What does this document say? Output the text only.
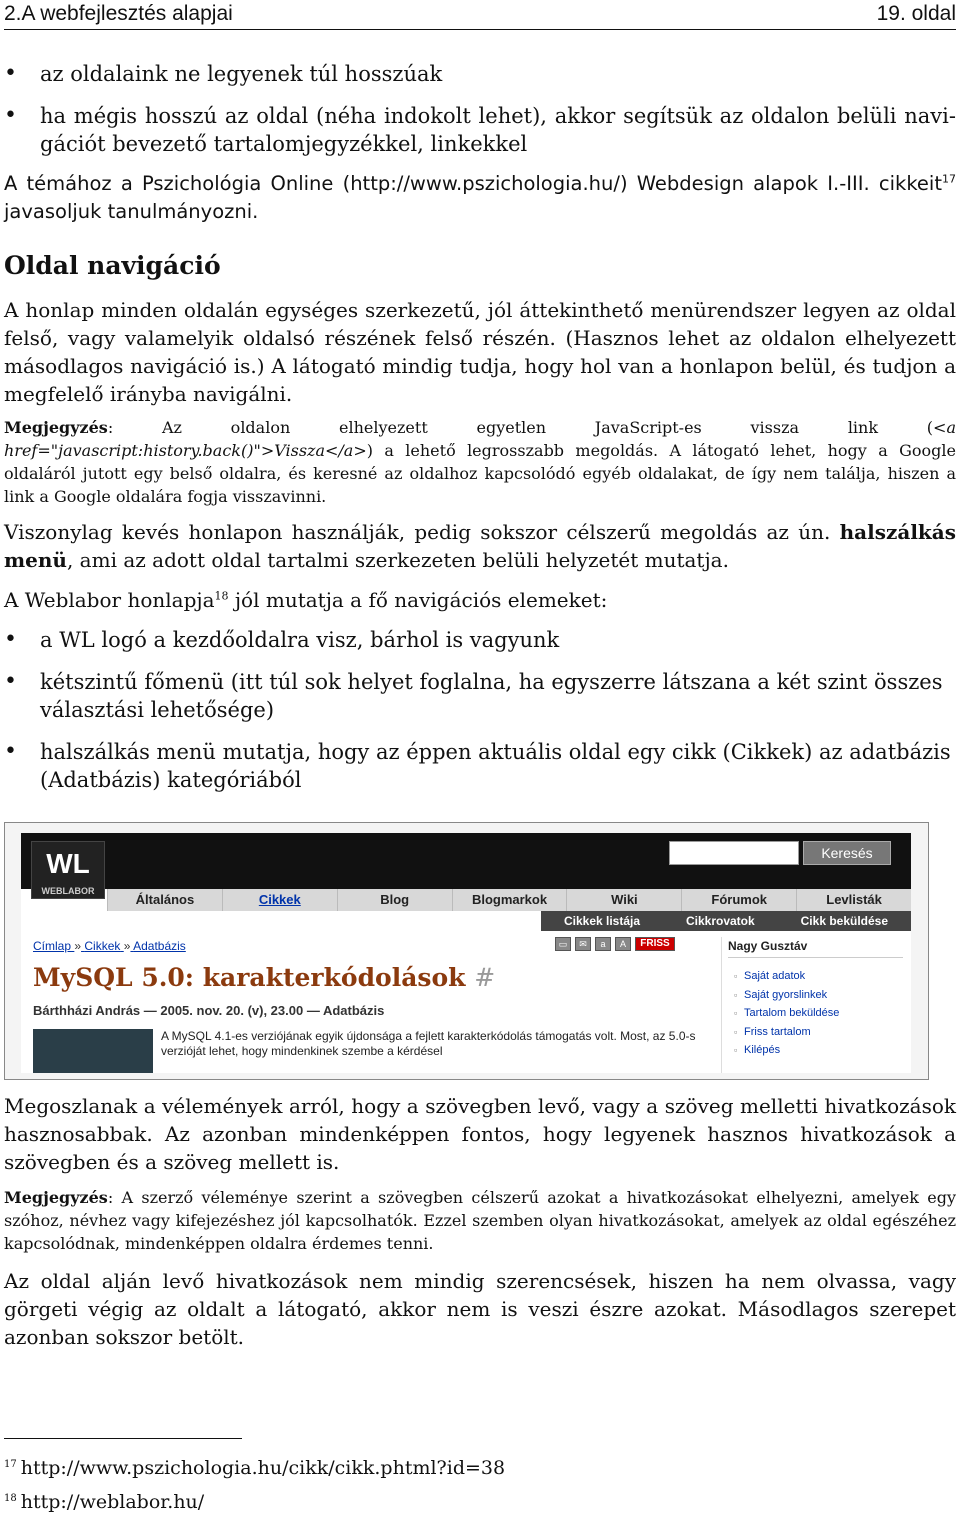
2.A webfejlesztés alapjai	19. oldal
• az oldalaink ne legyenek túl hosszúak
• ha mégis hosszú az oldal (néha indokolt lehet), akkor segítsük az oldalon belüli navigációt bevezető tartalomjegyzékkel, linkekkel

A témához a Pszichológia Online (http://www.pszichologia.hu/) Webdesign alapok I.-III. cikkeit$^{17}$ javasoljuk tanulmányozni.

Oldal navigáció

A honlap minden oldalán egységes szerkezetű, jól áttekinthető menürendszer legyen az oldal felső, vagy valamelyik oldalsó részének felső részén. (Hasznos lehet az oldalon elhelyezett másodlagos navigáció is.) A látogató mindig tudja, hogy hol van a honlapon belül, és tudjon a megfelelő irányba navigálni.

Megjegyzés: Az oldalon elhelyezett egyetlen JavaScript-es vissza link (<a href="javascript:history.back()">Vissza</a>) a lehető legrosszabb megoldás. A látogató lehet, hogy a Google oldaláról jutott egy belső oldalra, és keresné az oldalhoz kapcsolódó egyéb oldalakat, de így nem találja, hiszen a link a Google oldalára fogja visszavinni.

Viszonylag kevés honlapon használják, pedig sokszor célszerű megoldás az ún. halszálkás menü, ami az adott oldal tartalmi szerkezeten belüli helyzetét mutatja.

A Weblabor honlapja$^{18}$ jól mutatja a fő navigációs elemeket:

• a WL logó a kezdőoldalra visz, bárhol is vagyunk
• kétszintű főmenü (itt túl sok helyet foglalna, ha egyszerre látszana a két szint összes választási lehetősége)
• halszálkás menü mutatja, hogy az éppen aktuális oldal egy cikk (Cikkek) az adatbázis (Adatbázis) kategóriából
WL
WEBLABOR
Keresés
Általános	Cikkek	Blog	Blogmarkok	Wiki	Fórumok	Levlisták
Cikkek listája	Cikkrovatok	Cikk beküldése
Címlap » Cikkek » Adatbázis	▭	✉	a	A	FRISS
MySQL 5.0: karakterkódolások #
Bárthházi András — 2005. nov. 20. (v), 23.00 — Adatbázis
A MySQL 4.1-es verziójának egyik újdonsága a fejlett karakterkódolás támogatás volt. Most, az 5.0-s verzióját lehet, hogy mindenkinek szembe a kérdésel
Nagy Gusztáv
▫ Saját adatok
▫ Saját gyorslinkek
▫ Tartalom beküldése
▫ Friss tartalom
▫ Kilépés

Megoszlanak a vélemények arról, hogy a szövegben levő, vagy a szöveg melletti hivatkozások hasznosabbak. Az azonban mindenképpen fontos, hogy legyenek hasznos hivatkozások a szövegben és a szöveg mellett is.

Megjegyzés: A szerző véleménye szerint a szövegben célszerű azokat a hivatkozásokat elhelyezni, amelyek egy szóhoz, névhez vagy kifejezéshez jól kapcsolhatók. Ezzel szemben olyan hivatkozásokat, amelyek az oldal egészéhez kapcsolódnak, mindenképpen oldalra érdemes tenni.

Az oldal alján levő hivatkozások nem mindig szerencsések, hiszen ha nem olvassa, vagy görgeti végig az oldalt a látogató, akkor nem is veszi észre azokat. Másodlagos szerepet azonban sokszor betölt.

$^{17}$ http://www.pszichologia.hu/cikk/cikk.phtml?id=38
$^{18}$ http://weblabor.hu/
